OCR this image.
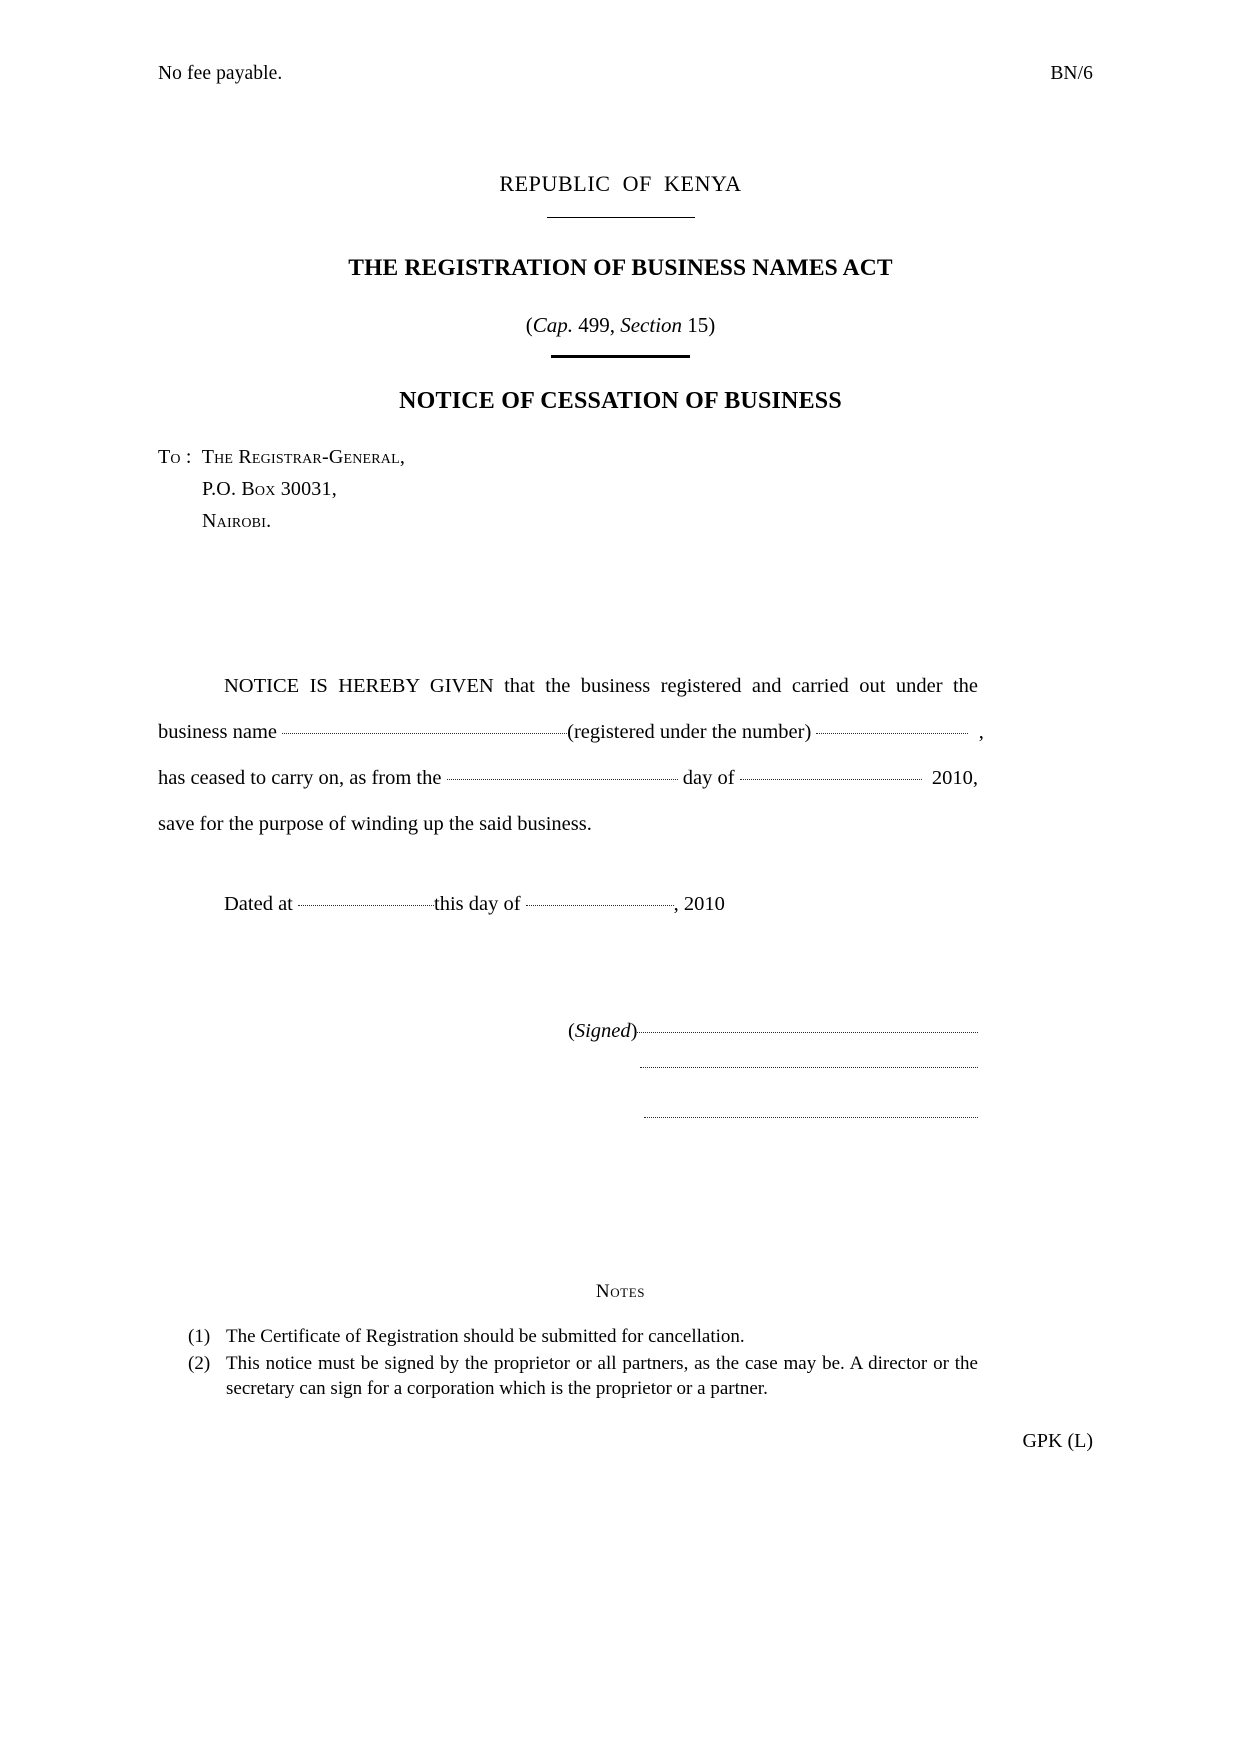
No fee payable.	BN/6
REPUBLIC OF KENYA
THE REGISTRATION OF BUSINESS NAMES ACT
(Cap. 499, Section 15)
NOTICE OF CESSATION OF BUSINESS
To : The Registrar-General,
P.O. Box 30031,
Nairobi.
NOTICE IS HEREBY GIVEN that the business registered and carried out under the
business name
	(registered under the number)

	,
has ceased to carry on, as from the

	day of

	2010,
save for the purpose of winding up the said business.
Dated at
	this day of
	, 2010
(Signed)
Notes
(1) The Certificate of Registration should be submitted for cancellation.
(2) This notice must be signed by the proprietor or all partners, as the case may be. A director or the secretary can sign for a corporation which is the proprietor or a partner.
GPK (L)
